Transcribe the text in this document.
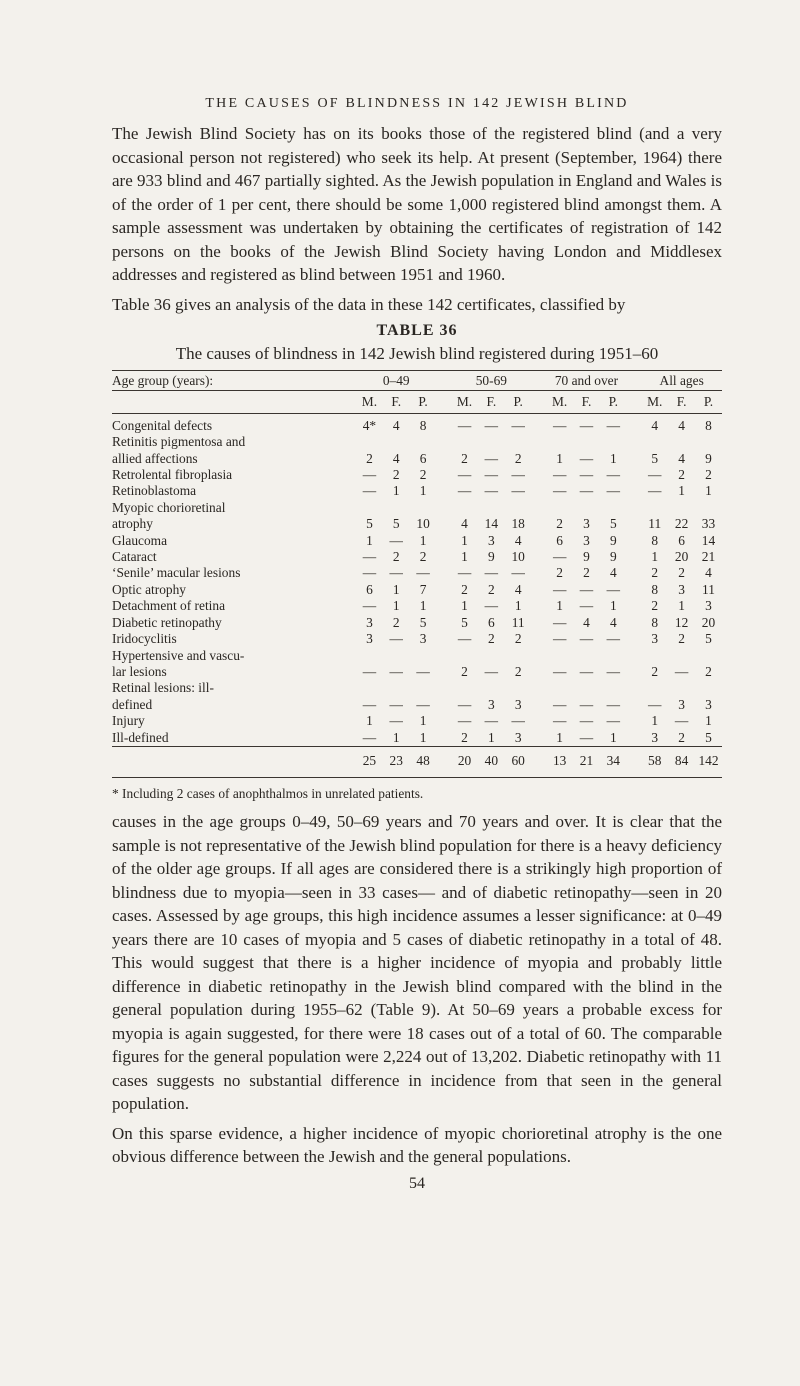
THE CAUSES OF BLINDNESS IN 142 JEWISH BLIND

The Jewish Blind Society has on its books those of the registered blind (and a very occasional person not registered) who seek its help. At present (September, 1964) there are 933 blind and 467 partially sighted. As the Jewish population in England and Wales is of the order of 1 per cent, there should be some 1,000 registered blind amongst them. A sample assessment was undertaken by obtaining the certificates of registration of 142 persons on the books of the Jewish Blind Society having London and Middlesex addresses and registered as blind between 1951 and 1960.

Table 36 gives an analysis of the data in these 142 certificates, classified by

TABLE 36
The causes of blindness in 142 Jewish blind registered during 1951–60
Age group (years):	0–49				50-69				70 and over				All ages		
	M.	F.	P.		M.	F.	P.		M.	F.	P.		M.	F.	P.
Congenital defects	4*	4	8		—	—	—		—	—	—		4	4	8
Retinitis pigmentosa and															
allied affections	2	4	6		2	—	2		1	—	1		5	4	9
Retrolental fibroplasia	—	2	2		—	—	—		—	—	—		—	2	2
Retinoblastoma	—	1	1		—	—	—		—	—	—		—	1	1
Myopic chorioretinal															
atrophy	5	5	10		4	14	18		2	3	5		11	22	33
Glaucoma	1	—	1		1	3	4		6	3	9		8	6	14
Cataract	—	2	2		1	9	10		—	9	9		1	20	21
‘Senile’ macular lesions	—	—	—		—	—	—		2	2	4		2	2	4
Optic atrophy	6	1	7		2	2	4		—	—	—		8	3	11
Detachment of retina	—	1	1		1	—	1		1	—	1		2	1	3
Diabetic retinopathy	3	2	5		5	6	11		—	4	4		8	12	20
Iridocyclitis	3	—	3		—	2	2		—	—	—		3	2	5
Hypertensive and vascu-															
lar lesions	—	—	—		2	—	2		—	—	—		2	—	2
Retinal lesions: ill-															
defined	—	—	—		—	3	3		—	—	—		—	3	3
Injury	1	—	1		—	—	—		—	—	—		1	—	1
Ill-defined	—	1	1		2	1	3		1	—	1		3	2	5
	25	23	48		20	40	60		13	21	34		58	84	142
* Including 2 cases of anophthalmos in unrelated patients.

causes in the age groups 0–49, 50–69 years and 70 years and over. It is clear that the sample is not representative of the Jewish blind population for there is a heavy deficiency of the older age groups. If all ages are considered there is a strikingly high proportion of blindness due to myopia—seen in 33 cases— and of diabetic retinopathy—seen in 20 cases. Assessed by age groups, this high incidence assumes a lesser significance: at 0–49 years there are 10 cases of myopia and 5 cases of diabetic retinopathy in a total of 48. This would suggest that there is a higher incidence of myopia and probably little difference in diabetic retinopathy in the Jewish blind compared with the blind in the general population during 1955–62 (Table 9). At 50–69 years a probable excess for myopia is again suggested, for there were 18 cases out of a total of 60. The comparable figures for the general population were 2,224 out of 13,202. Diabetic retinopathy with 11 cases suggests no substantial difference in incidence from that seen in the general population.

On this sparse evidence, a higher incidence of myopic chorioretinal atrophy is the one obvious difference between the Jewish and the general populations.

54
